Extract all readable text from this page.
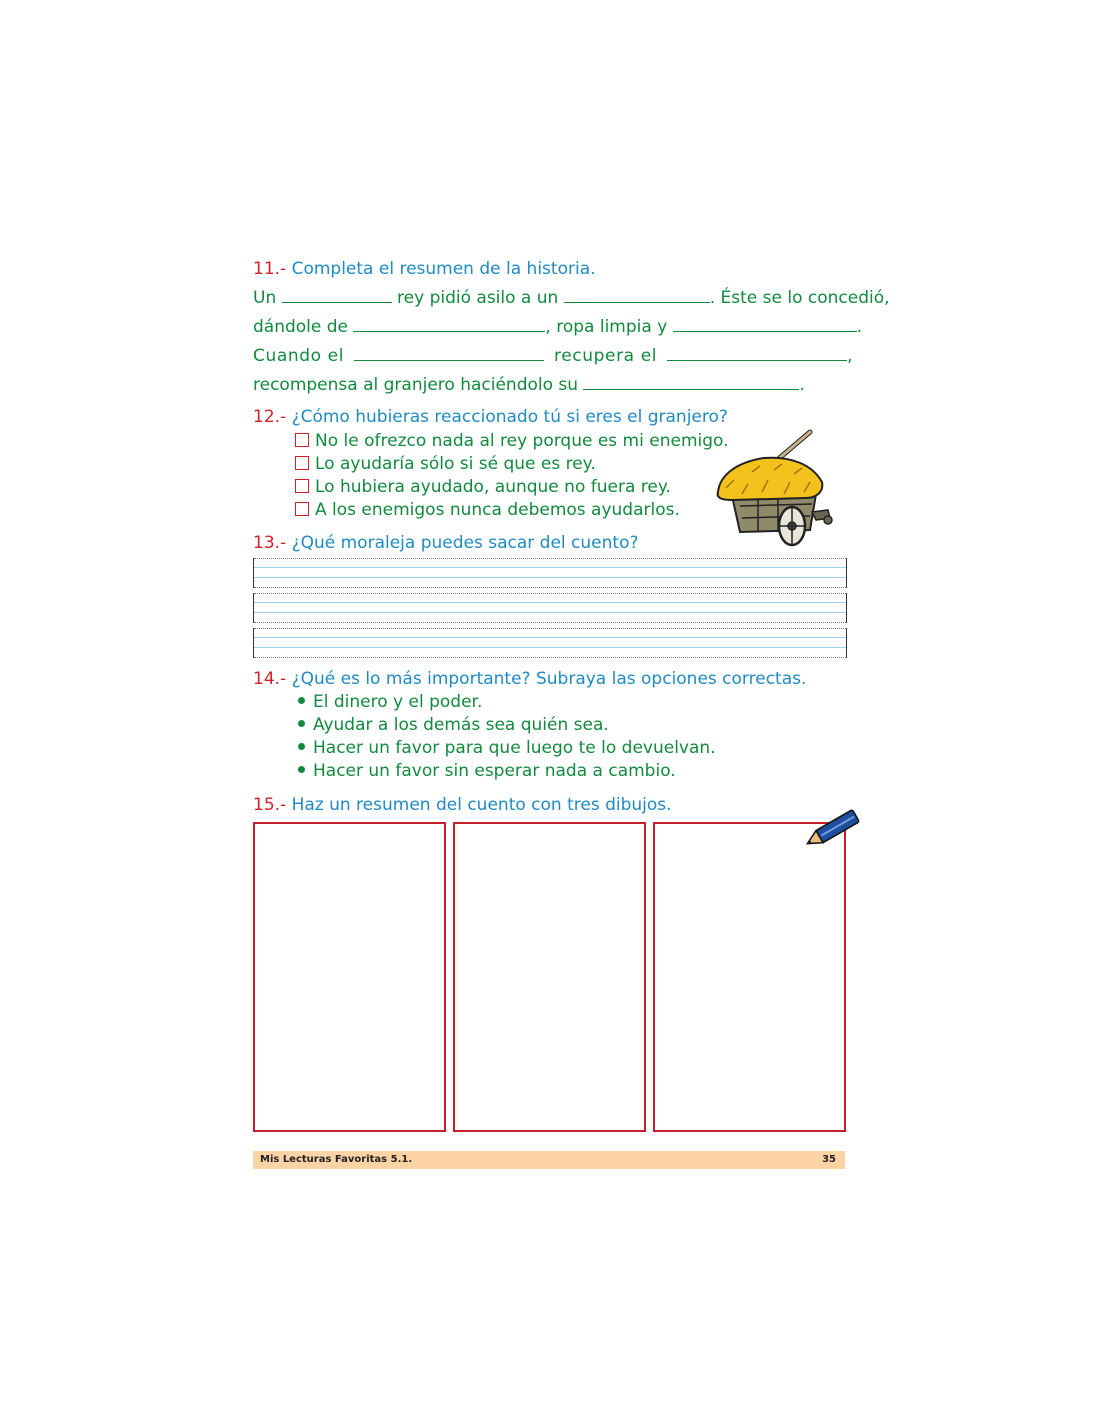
11.- Completa el resumen de la historia.
Un	rey pidió asilo a un	. Éste se lo concedió,
dándole de	, ropa limpia y	.
Cuando el	recupera el	,
recompensa al granjero haciéndolo su	.
12.- ¿Cómo hubieras reaccionado tú si eres el granjero?
No le ofrezco nada al rey porque es mi enemigo.
Lo ayudaría sólo si sé que es rey.
Lo hubiera ayudado, aunque no fuera rey.
A los enemigos nunca debemos ayudarlos.
13.- ¿Qué moraleja puedes sacar del cuento?
14.- ¿Qué es lo más importante? Subraya las opciones correctas.
El dinero y el poder.
Ayudar a los demás sea quién sea.
Hacer un favor para que luego te lo devuelvan.
Hacer un favor sin esperar nada a cambio.
15.- Haz un resumen del cuento con tres dibujos.
Mis Lecturas Favoritas 5.1.	35
